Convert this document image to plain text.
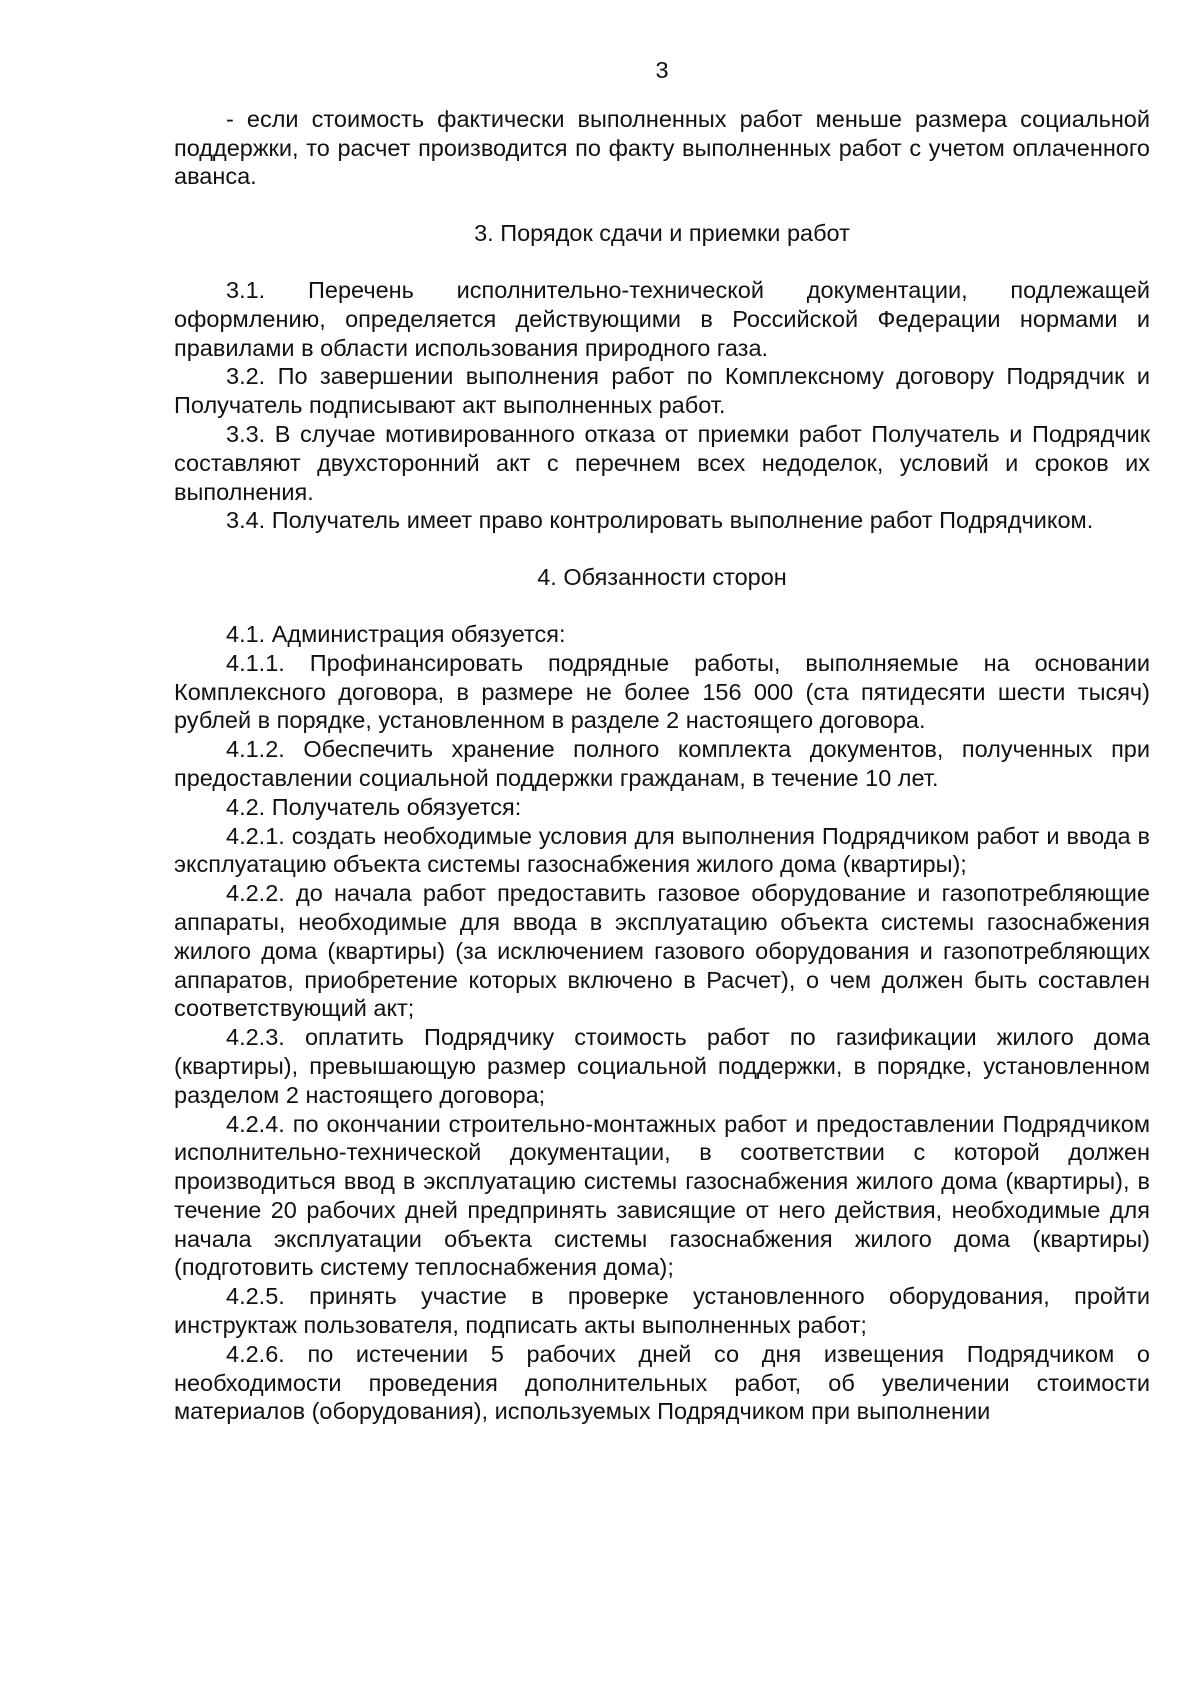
3

- если стоимость фактически выполненных работ меньше размера социальной поддержки, то расчет производится по факту выполненных работ с учетом оплаченного аванса.

3. Порядок сдачи и приемки работ

3.1. Перечень исполнительно-технической документации, подлежащей оформлению, определяется действующими в Российской Федерации нормами и правилами в области использования природного газа.

3.2. По завершении выполнения работ по Комплексному договору Подрядчик и Получатель подписывают акт выполненных работ.

3.3. В случае мотивированного отказа от приемки работ Получатель и Подрядчик составляют двухсторонний акт с перечнем всех недоделок, условий и сроков их выполнения.

3.4. Получатель имеет право контролировать выполнение работ Подрядчиком.

4. Обязанности сторон

4.1. Администрация обязуется:

4.1.1. Профинансировать подрядные работы, выполняемые на основании Комплексного договора, в размере не более 156 000 (ста пятидесяти шести тысяч) рублей в порядке, установленном в разделе 2 настоящего договора.

4.1.2. Обеспечить хранение полного комплекта документов, полученных при предоставлении социальной поддержки гражданам, в течение 10 лет.

4.2. Получатель обязуется:

4.2.1. создать необходимые условия для выполнения Подрядчиком работ и ввода в эксплуатацию объекта системы газоснабжения жилого дома (квартиры);

4.2.2. до начала работ предоставить газовое оборудование и газопотребляющие аппараты, необходимые для ввода в эксплуатацию объекта системы газоснабжения жилого дома (квартиры) (за исключением газового оборудования и газопотребляющих аппаратов, приобретение которых включено в Расчет), о чем должен быть составлен соответствующий акт;

4.2.3. оплатить Подрядчику стоимость работ по газификации жилого дома (квартиры), превышающую размер социальной поддержки, в порядке, установленном разделом 2 настоящего договора;

4.2.4. по окончании строительно-монтажных работ и предоставлении Подрядчиком исполнительно-технической документации, в соответствии с которой должен производиться ввод в эксплуатацию системы газоснабжения жилого дома (квартиры), в течение 20 рабочих дней предпринять зависящие от него действия, необходимые для начала эксплуатации объекта системы газоснабжения жилого дома (квартиры) (подготовить систему теплоснабжения дома);

4.2.5. принять участие в проверке установленного оборудования, пройти инструктаж пользователя, подписать акты выполненных работ;

4.2.6. по истечении 5 рабочих дней со дня извещения Подрядчиком о необходимости проведения дополнительных работ, об увеличении стоимости материалов (оборудования), используемых Подрядчиком при выполнении
